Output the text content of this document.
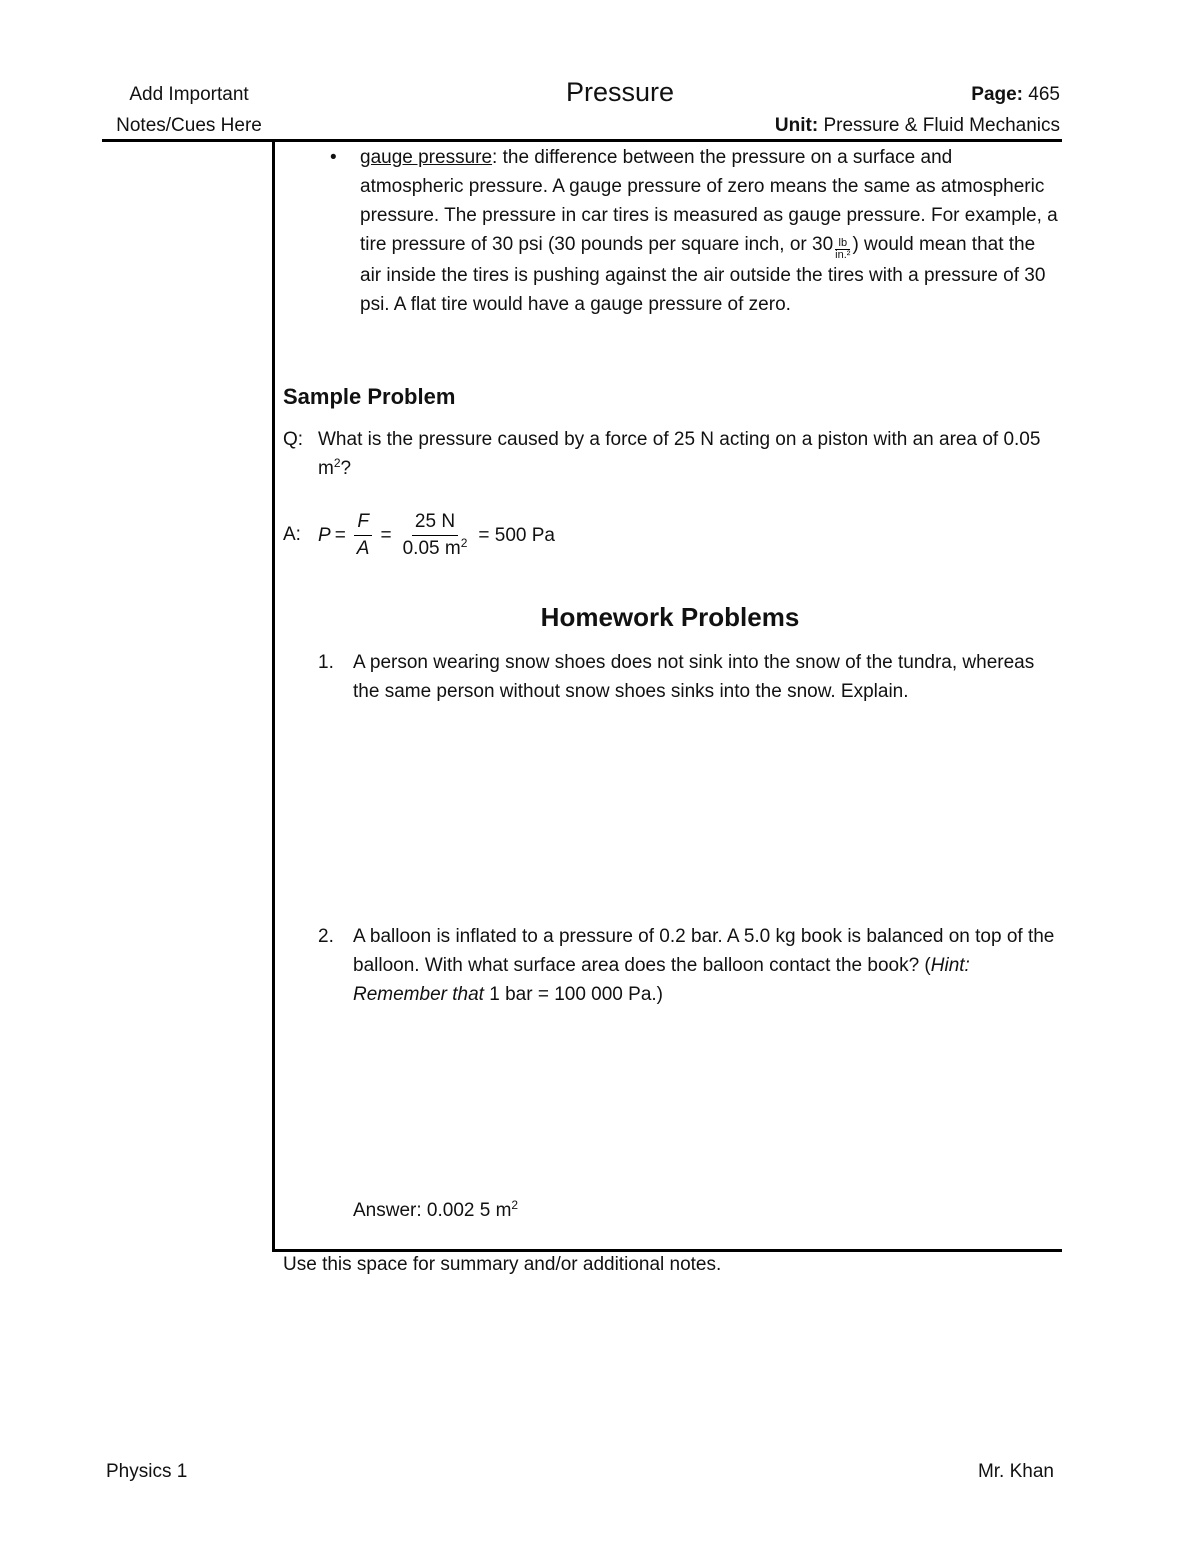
Add Important
Notes/Cues Here
Pressure	Page: 465
Unit: Pressure & Fluid Mechanics
• gauge pressure: the difference between the pressure on a surface and atmospheric pressure. A gauge pressure of zero means the same as atmospheric pressure. The pressure in car tires is measured as gauge pressure. For example, a tire pressure of 30 psi (30 pounds per square inch, or $30 \frac{lb}{\text{in.²}}$ ) would mean that the air inside the tires is pushing against the air outside the tires with a pressure of 30 psi. A flat tire would have a gauge pressure of zero.
Sample Problem
Q: What is the pressure caused by a force of 25 N acting on a piston with an area of 0.05 $m^2$?
A: $P = \frac{F}{A} = \frac{25 N}{0.05 m^2} = 500$ Pa
Homework Problems
1. A person wearing snow shoes does not sink into the snow of the tundra, whereas the same person without snow shoes sinks into the snow. Explain.
2. A balloon is inflated to a pressure of 0.2 bar. A 5.0 kg book is balanced on top of the balloon. With what surface area does the balloon contact the book? (Hint: Remember that 1 bar = 100 000 Pa.)
Answer: 0.002 5 $m^2$
Use this space for summary and/or additional notes.
Physics 1	Mr. Khan
